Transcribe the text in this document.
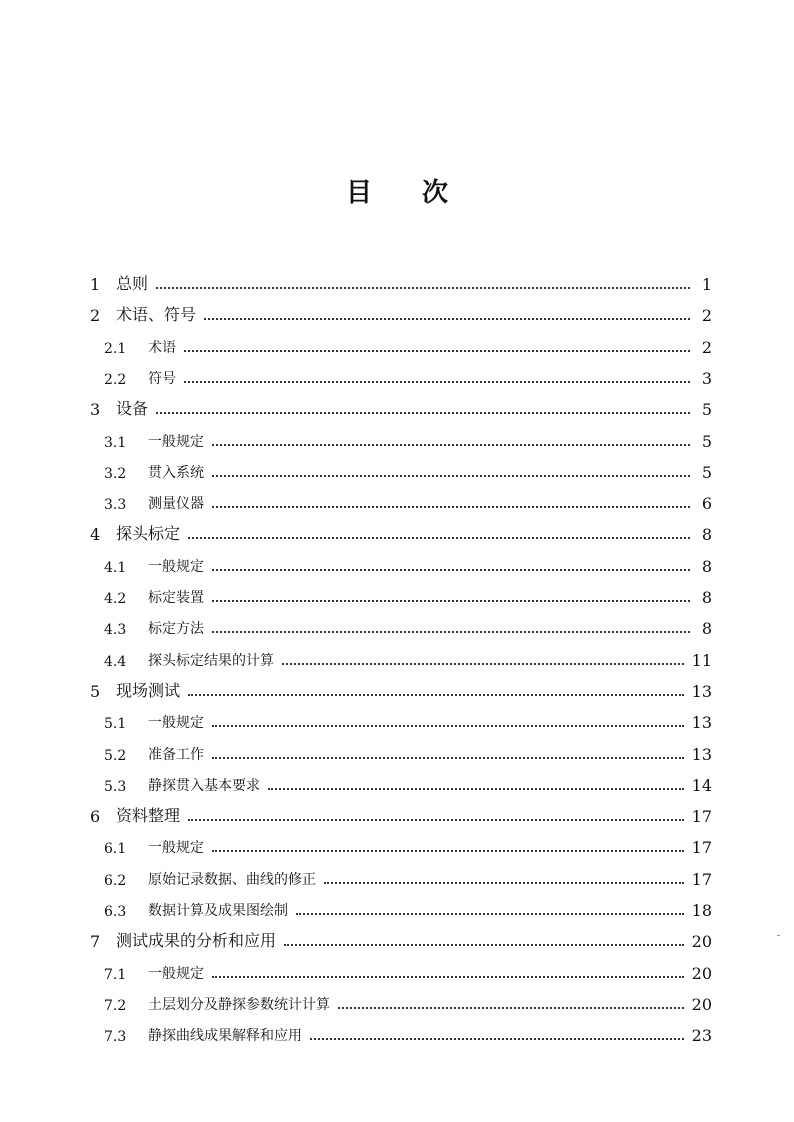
目 次
1 总则	1
2 术语、符号	2
2.1	术语	2
2.2	符号	3
3 设备	5
3.1	一般规定	5
3.2	贯入系统	5
3.3	测量仪器	6
4 探头标定	8
4.1	一般规定	8
4.2	标定装置	8
4.3	标定方法	8
4.4	探头标定结果的计算	11
5 现场测试	13
5.1	一般规定	13
5.2	准备工作	13
5.3	静探贯入基本要求	14
6 资料整理	17
6.1	一般规定	17
6.2	原始记录数据、曲线的修正	17
6.3	数据计算及成果图绘制	18
7 测试成果的分析和应用	20
7.1	一般规定	20
7.2	土层划分及静探参数统计计算	20
7.3	静探曲线成果解释和应用	23
